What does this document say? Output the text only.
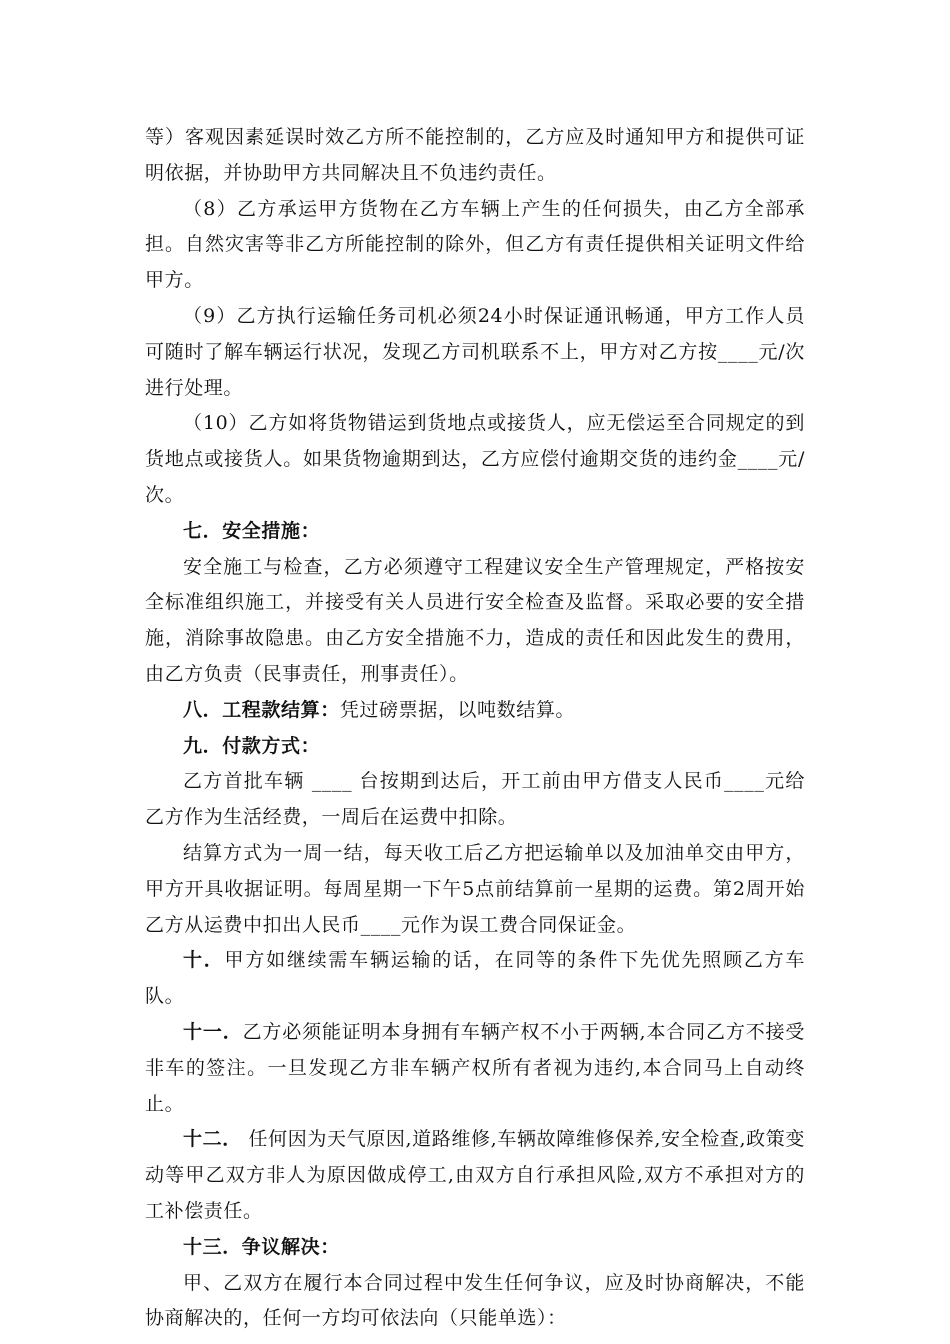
等）客观因素延误时效乙方所不能控制的，乙方应及时通知甲方和提供可证明依据，并协助甲方共同解决且不负违约责任。

（8）乙方承运甲方货物在乙方车辆上产生的任何损失，由乙方全部承担。自然灾害等非乙方所能控制的除外，但乙方有责任提供相关证明文件给甲方。

（9）乙方执行运输任务司机必须24小时保证通讯畅通，甲方工作人员可随时了解车辆运行状况，发现乙方司机联系不上，甲方对乙方按____元/次进行处理。

（10）乙方如将货物错运到货地点或接货人，应无偿运至合同规定的到货地点或接货人。如果货物逾期到达，乙方应偿付逾期交货的违约金____元/次。

七．安全措施：

安全施工与检查，乙方必须遵守工程建议安全生产管理规定，严格按安全标准组织施工，并接受有关人员进行安全检查及监督。采取必要的安全措施，消除事故隐患。由乙方安全措施不力，造成的责任和因此发生的费用，由乙方负责（民事责任，刑事责任）。

八．工程款结算：凭过磅票据，以吨数结算。

九．付款方式：

乙方首批车辆 ____ 台按期到达后，开工前由甲方借支人民币____元给乙方作为生活经费，一周后在运费中扣除。

结算方式为一周一结，每天收工后乙方把运输单以及加油单交由甲方，甲方开具收据证明。每周星期一下午5点前结算前一星期的运费。第2周开始乙方从运费中扣出人民币____元作为误工费合同保证金。

十．甲方如继续需车辆运输的话，在同等的条件下先优先照顾乙方车队。

十一．乙方必须能证明本身拥有车辆产权不小于两辆,本合同乙方不接受非车的签注。一旦发现乙方非车辆产权所有者视为违约,本合同马上自动终止。

十二． 任何因为天气原因,道路维修,车辆故障维修保养,安全检查,政策变动等甲乙双方非人为原因做成停工,由双方自行承担风险,双方不承担对方的工补偿责任。

十三．争议解决：

甲、乙双方在履行本合同过程中发生任何争议，应及时协商解决，不能协商解决的，任何一方均可依法向（只能单选）：
